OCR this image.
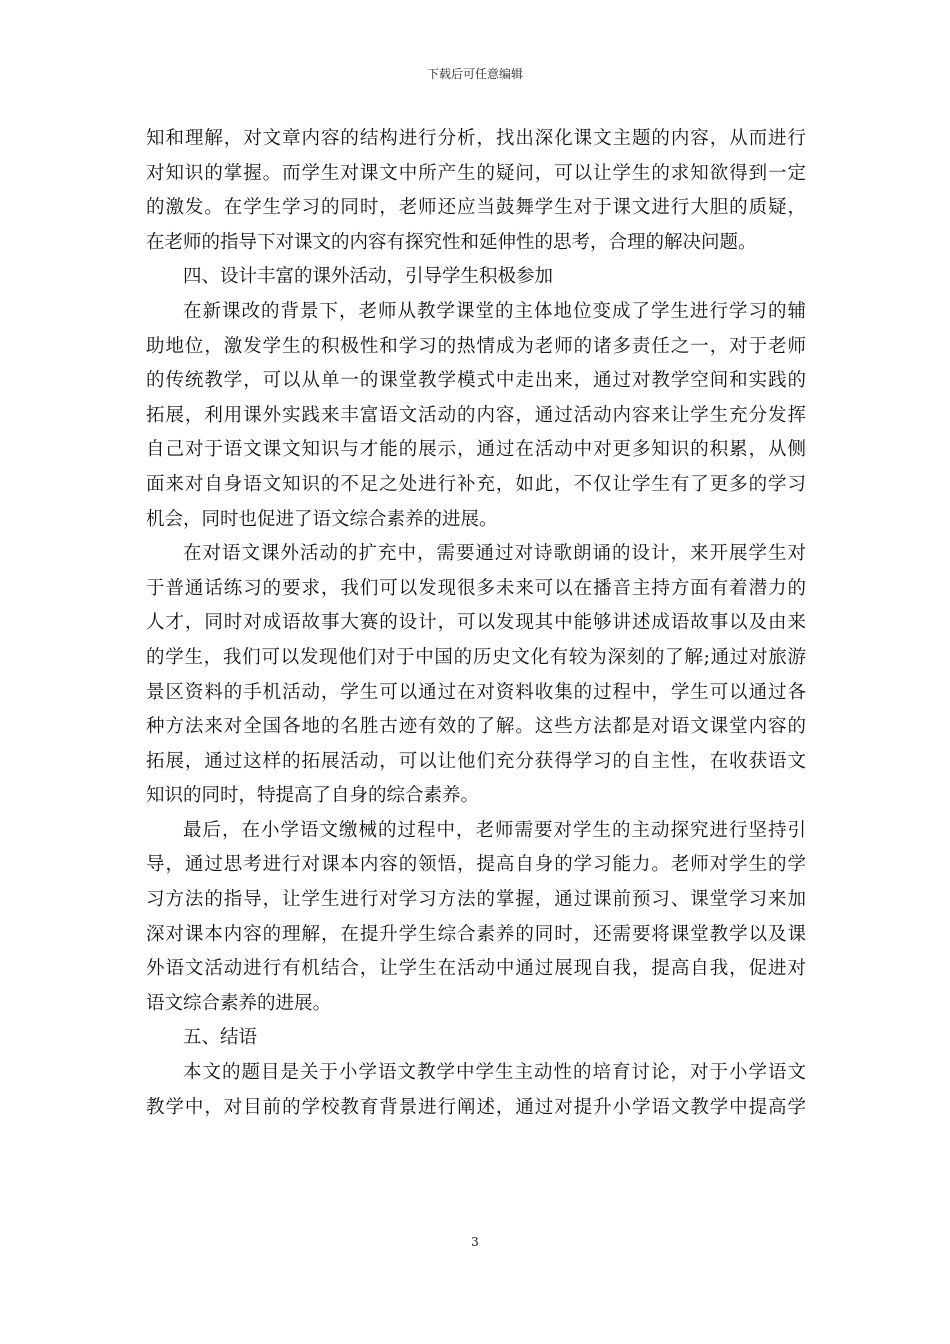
下载后可任意编辑
知和理解，对文章内容的结构进行分析，找出深化课文主题的内容，从而进行
对知识的掌握。而学生对课文中所产生的疑问，可以让学生的求知欲得到一定
的激发。在学生学习的同时，老师还应当鼓舞学生对于课文进行大胆的质疑，
在老师的指导下对课文的内容有探究性和延伸性的思考，合理的解决问题。
四、设计丰富的课外活动，引导学生积极参加
在新课改的背景下，老师从教学课堂的主体地位变成了学生进行学习的辅
助地位，激发学生的积极性和学习的热情成为老师的诸多责任之一，对于老师
的传统教学，可以从单一的课堂教学模式中走出来，通过对教学空间和实践的
拓展，利用课外实践来丰富语文活动的内容，通过活动内容来让学生充分发挥
自己对于语文课文知识与才能的展示，通过在活动中对更多知识的积累，从侧
面来对自身语文知识的不足之处进行补充，如此，不仅让学生有了更多的学习
机会，同时也促进了语文综合素养的进展。
在对语文课外活动的扩充中，需要通过对诗歌朗诵的设计，来开展学生对
于普通话练习的要求，我们可以发现很多未来可以在播音主持方面有着潜力的
人才，同时对成语故事大赛的设计，可以发现其中能够讲述成语故事以及由来
的学生，我们可以发现他们对于中国的历史文化有较为深刻的了解;通过对旅游
景区资料的手机活动，学生可以通过在对资料收集的过程中，学生可以通过各
种方法来对全国各地的名胜古迹有效的了解。这些方法都是对语文课堂内容的
拓展，通过这样的拓展活动，可以让他们充分获得学习的自主性，在收获语文
知识的同时，特提高了自身的综合素养。
最后，在小学语文缴械的过程中，老师需要对学生的主动探究进行坚持引
导，通过思考进行对课本内容的领悟，提高自身的学习能力。老师对学生的学
习方法的指导，让学生进行对学习方法的掌握，通过课前预习、课堂学习来加
深对课本内容的理解，在提升学生综合素养的同时，还需要将课堂教学以及课
外语文活动进行有机结合，让学生在活动中通过展现自我，提高自我，促进对
语文综合素养的进展。
五、结语
本文的题目是关于小学语文教学中学生主动性的培育讨论，对于小学语文
教学中，对目前的学校教育背景进行阐述，通过对提升小学语文教学中提高学
3
